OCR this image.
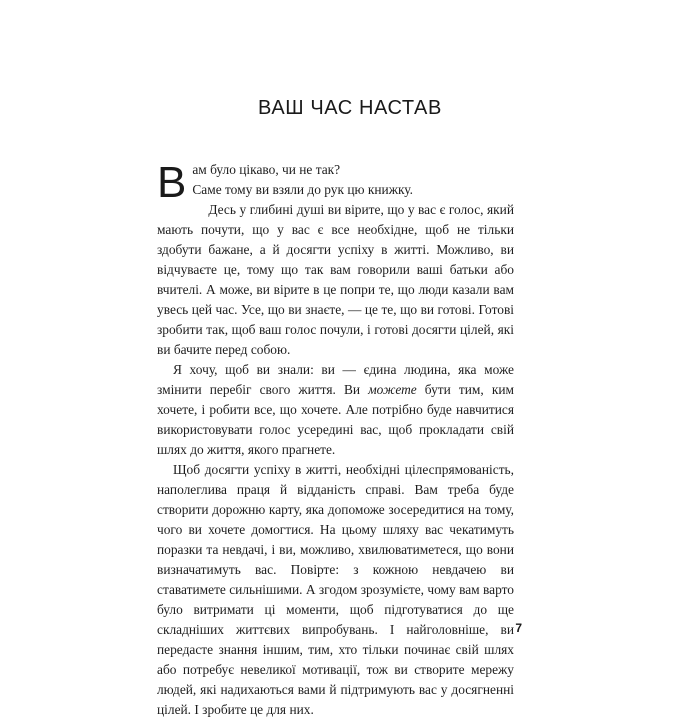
ВАШ ЧАС НАСТАВ

В ам було цікаво, чи не так?
Саме тому ви взяли до рук цю книжку.

Десь у глибині душі ви вірите, що у вас є голос, який мають почути, що у вас є все необхідне, щоб не тільки здобути бажане, а й досягти успіху в житті. Можливо, ви відчуваєте це, тому що так вам говорили ваші батьки або вчителі. А може, ви вірите в це попри те, що люди казали вам увесь цей час. Усе, що ви знаєте, — це те, що ви готові. Готові зробити так, щоб ваш голос почули, і готові досягти цілей, які ви бачите перед собою.

Я хочу, щоб ви знали: ви — єдина людина, яка може змінити перебіг свого життя. Ви можете бути тим, ким хочете, і робити все, що хочете. Але потрібно буде навчитися використовувати голос усередині вас, щоб прокладати свій шлях до життя, якого прагнете.

Щоб досягти успіху в житті, необхідні цілеспрямованість, наполеглива праця й відданість справі. Вам треба буде створити дорожню карту, яка допоможе зосередитися на тому, чого ви хочете домогтися. На цьому шляху вас чекатимуть поразки та невдачі, і ви, можливо, хвилюватиметеся, що вони визначатимуть вас. Повірте: з кожною невдачею ви ставатимете сильнішими. А згодом зрозумієте, чому вам варто було витримати ці моменти, щоб підготуватися до ще складніших життєвих випробувань. І найголовніше, ви передасте знання іншим, тим, хто тільки починає свій шлях або потребує невеликої мотивації, тож ви створите мережу людей, які надихаються вами й підтримують вас у досягненні цілей. І зробите це для них.

7
